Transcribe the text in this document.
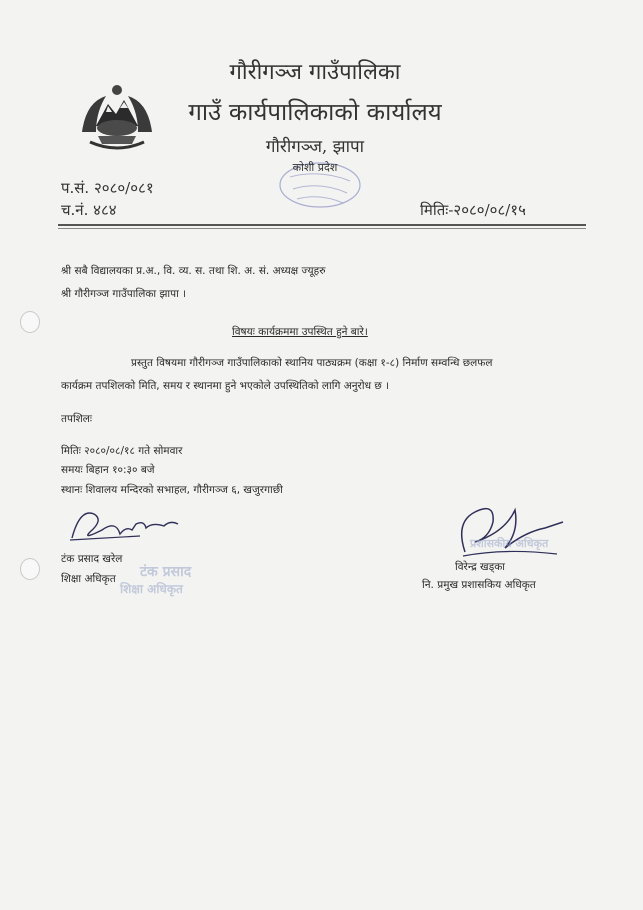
गौरीगञ्ज गाउँपालिका
गाउँ कार्यपालिकाको कार्यालय
गौरीगञ्ज, झापा
कोशी प्रदेश
प.सं. २०८०/०८१
च.नं. ४८४	मितिः-२०८०/०८/१५
श्री सबै विद्यालयका प्र.अ., वि. व्य. स. तथा शि. अ. सं. अध्यक्ष ज्यूहरु
श्री गौरीगञ्ज गाउँपालिका झापा ।
विषयः कार्यक्रममा उपस्थित हुने बारे।
प्रस्तुत विषयमा गौरीगञ्ज गाउँपालिकाको स्थानिय पाठ्यक्रम (कक्षा १-८) निर्माण सम्वन्धि छलफल
कार्यक्रम तपशिलको मिति, समय र स्थानमा हुने भएकोले उपस्थितिको लागि अनुरोध छ ।
तपशिलः
मितिः २०८०/०८/१८ गते सोमवार
समयः बिहान १०:३० बजे
स्थानः शिवालय मन्दिरको सभाहल, गौरीगञ्ज ६, खजुरगाछी
टंक प्रसाद खरेल
शिक्षा अधिकृत टंक प्रसाद
शिक्षा अधिकृत
प्रशासकीय अधिकृत
विरेन्द्र खड्का
नि. प्रमुख प्रशासकिय अधिकृत
